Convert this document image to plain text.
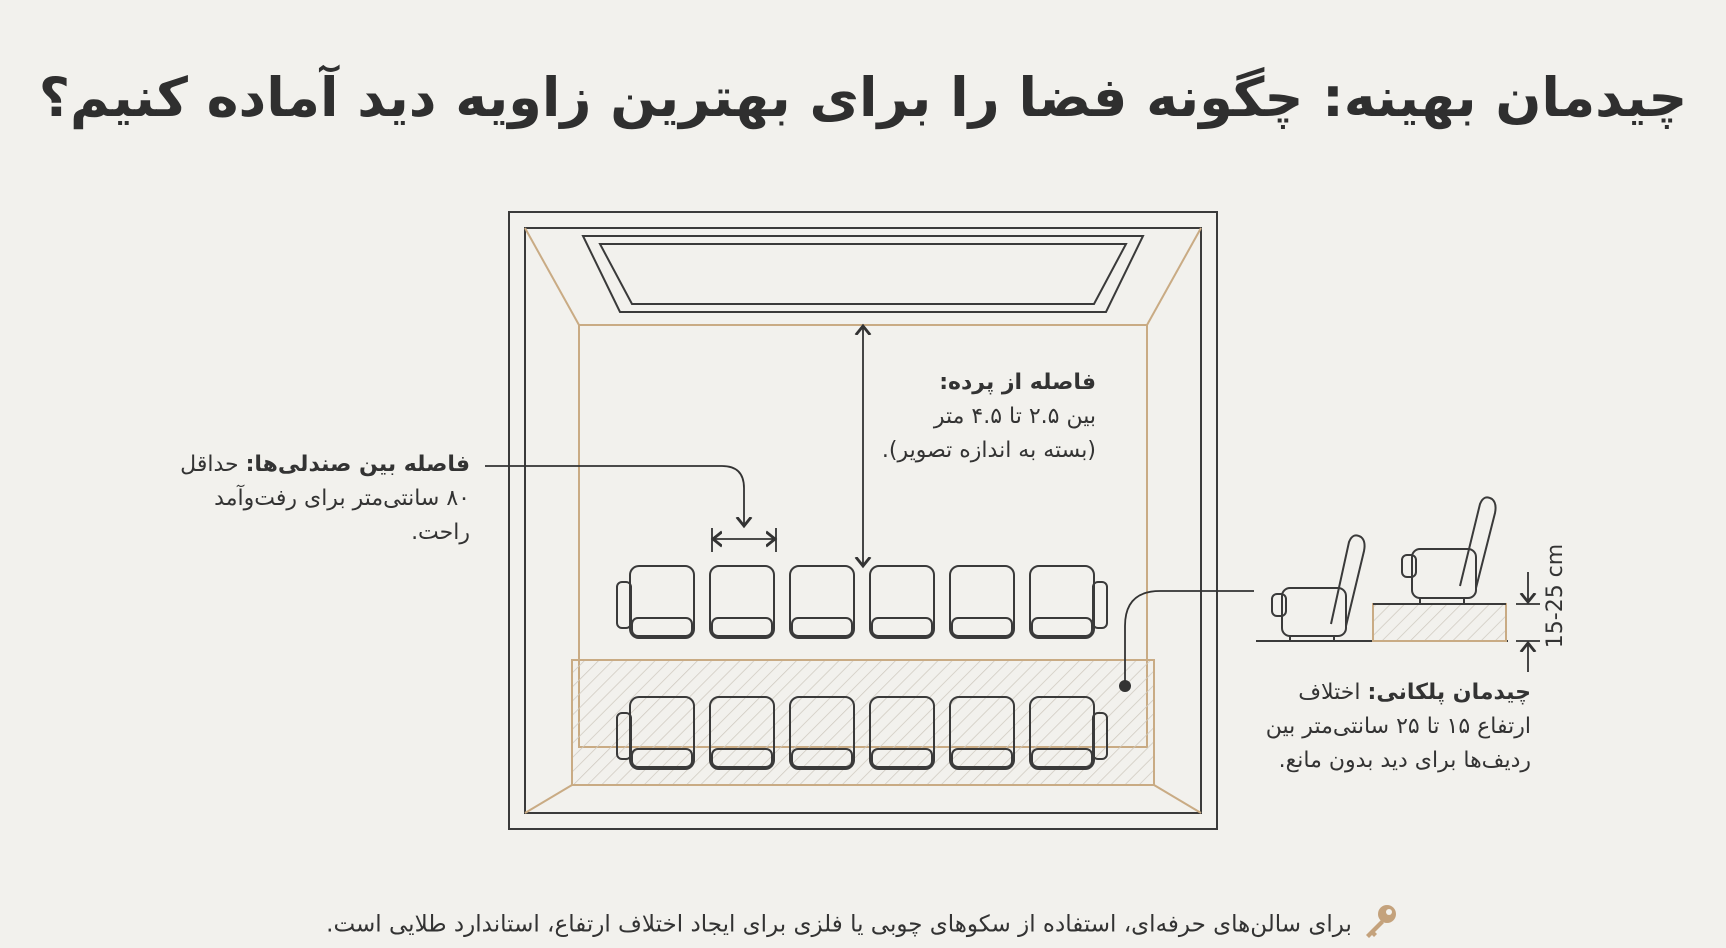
چیدمان بهینه: چگونه فضا را برای بهترین زاویه دید آماده کنیم؟
15-25 cm
فاصله از پرده:
بین ۲.۵ تا ۴.۵ متر
(بسته به اندازه تصویر).
فاصله بین صندلی‌ها: حداقل
۸۰ سانتی‌متر برای رفت‌وآمد
راحت.
چیدمان پلکانی: اختلاف
ارتفاع ۱۵ تا ۲۵ سانتی‌متر بین
ردیف‌ها برای دید بدون مانع.
برای سالن‌های حرفه‌ای، استفاده از سکوهای چوبی یا فلزی برای ایجاد اختلاف ارتفاع، استاندارد طلایی است.
